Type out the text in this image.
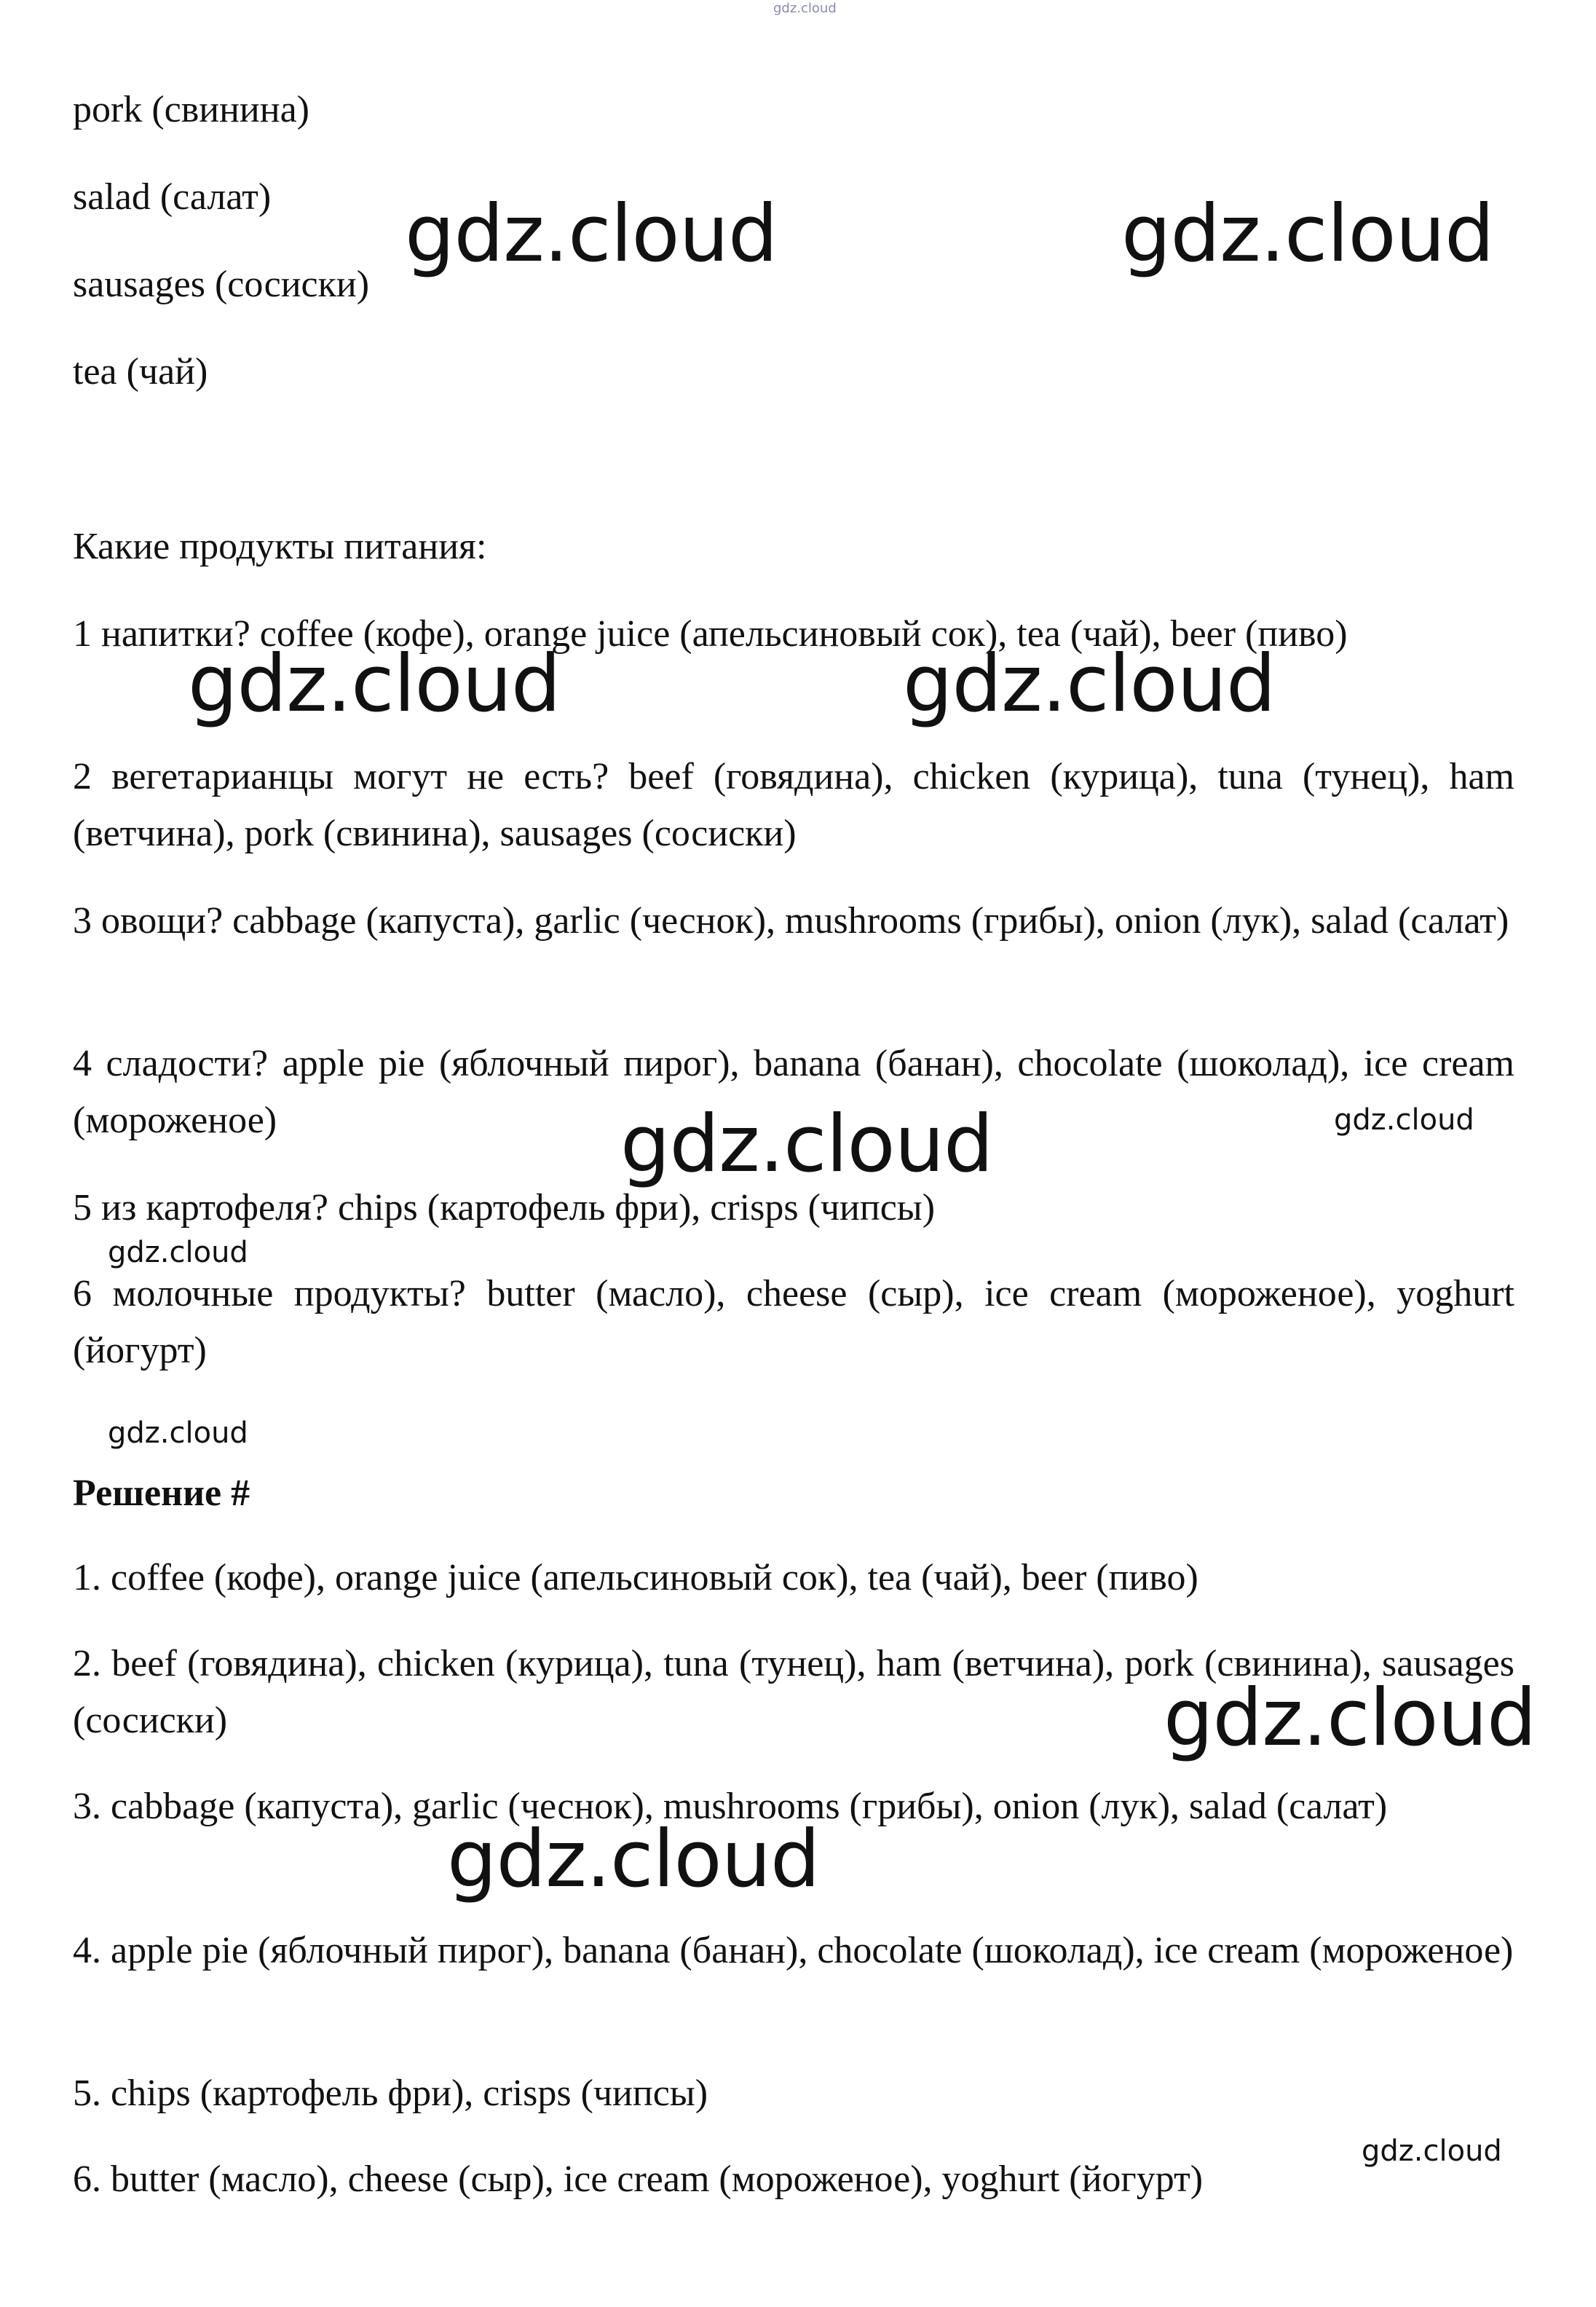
gdz.cloud
pork (свинина)
salad (салат)
sausages (сосиски)
tea (чай)
Какие продукты питания:
1 напитки? coffee (кофе), orange juice (апельсиновый сок), tea (чай), beer (пиво)
2 вегетарианцы могут не есть? beef (говядина), chicken (курица), tuna (тунец), ham (ветчина), pork (свинина), sausages (сосиски)
3 овощи? cabbage (капуста), garlic (чеснок), mushrooms (грибы), onion (лук), salad (салат)
4 сладости? apple pie (яблочный пирог), banana (банан), chocolate (шоколад), ice cream (мороженое)
5 из картофеля? chips (картофель фри), crisps (чипсы)
6 молочные продукты? butter (масло), cheese (сыр), ice cream (мороженое), yoghurt (йогурт)
Решение #
1. coffee (кофе), orange juice (апельсиновый сок), tea (чай), beer (пиво)
2. beef (говядина), chicken (курица), tuna (тунец), ham (ветчина), pork (свинина), sausages (сосиски)
3. cabbage (капуста), garlic (чеснок), mushrooms (грибы), onion (лук), salad (салат)
4. apple pie (яблочный пирог), banana (банан), chocolate (шоколад), ice cream (мороженое)
5. chips (картофель фри), crisps (чипсы)
6. butter (масло), cheese (сыр), ice cream (мороженое), yoghurt (йогурт)
gdz.cloud	gdz.cloud
gdz.cloud	gdz.cloud
gdz.cloud
gdz.cloud
gdz.cloud
gdz.cloud
gdz.cloud
gdz.cloud
gdz.cloud
